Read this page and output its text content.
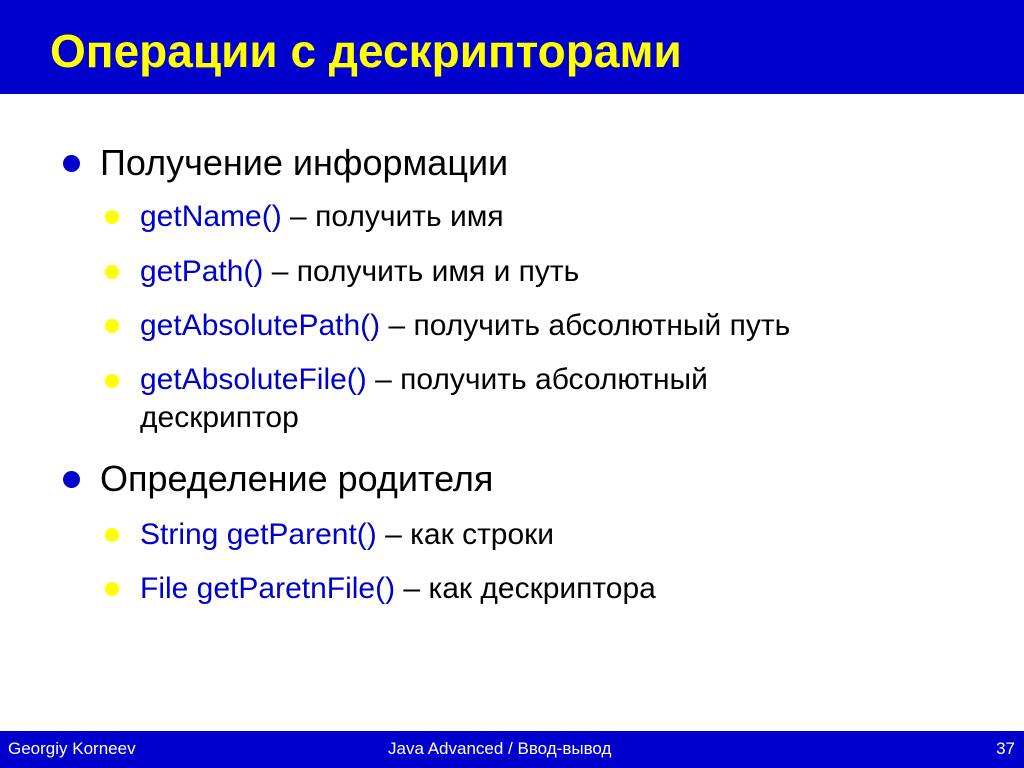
Операции с дескрипторами
Получение информации
getName() – получить имя
getPath() – получить имя и путь
getAbsolutePath() – получить абсолютный путь
getAbsoluteFile() – получить абсолютный дескриптор
Определение родителя
String getParent() – как строки
File getParetnFile() – как дескриптора
Georgiy Korneev	Java Advanced / Ввод-вывод	37
